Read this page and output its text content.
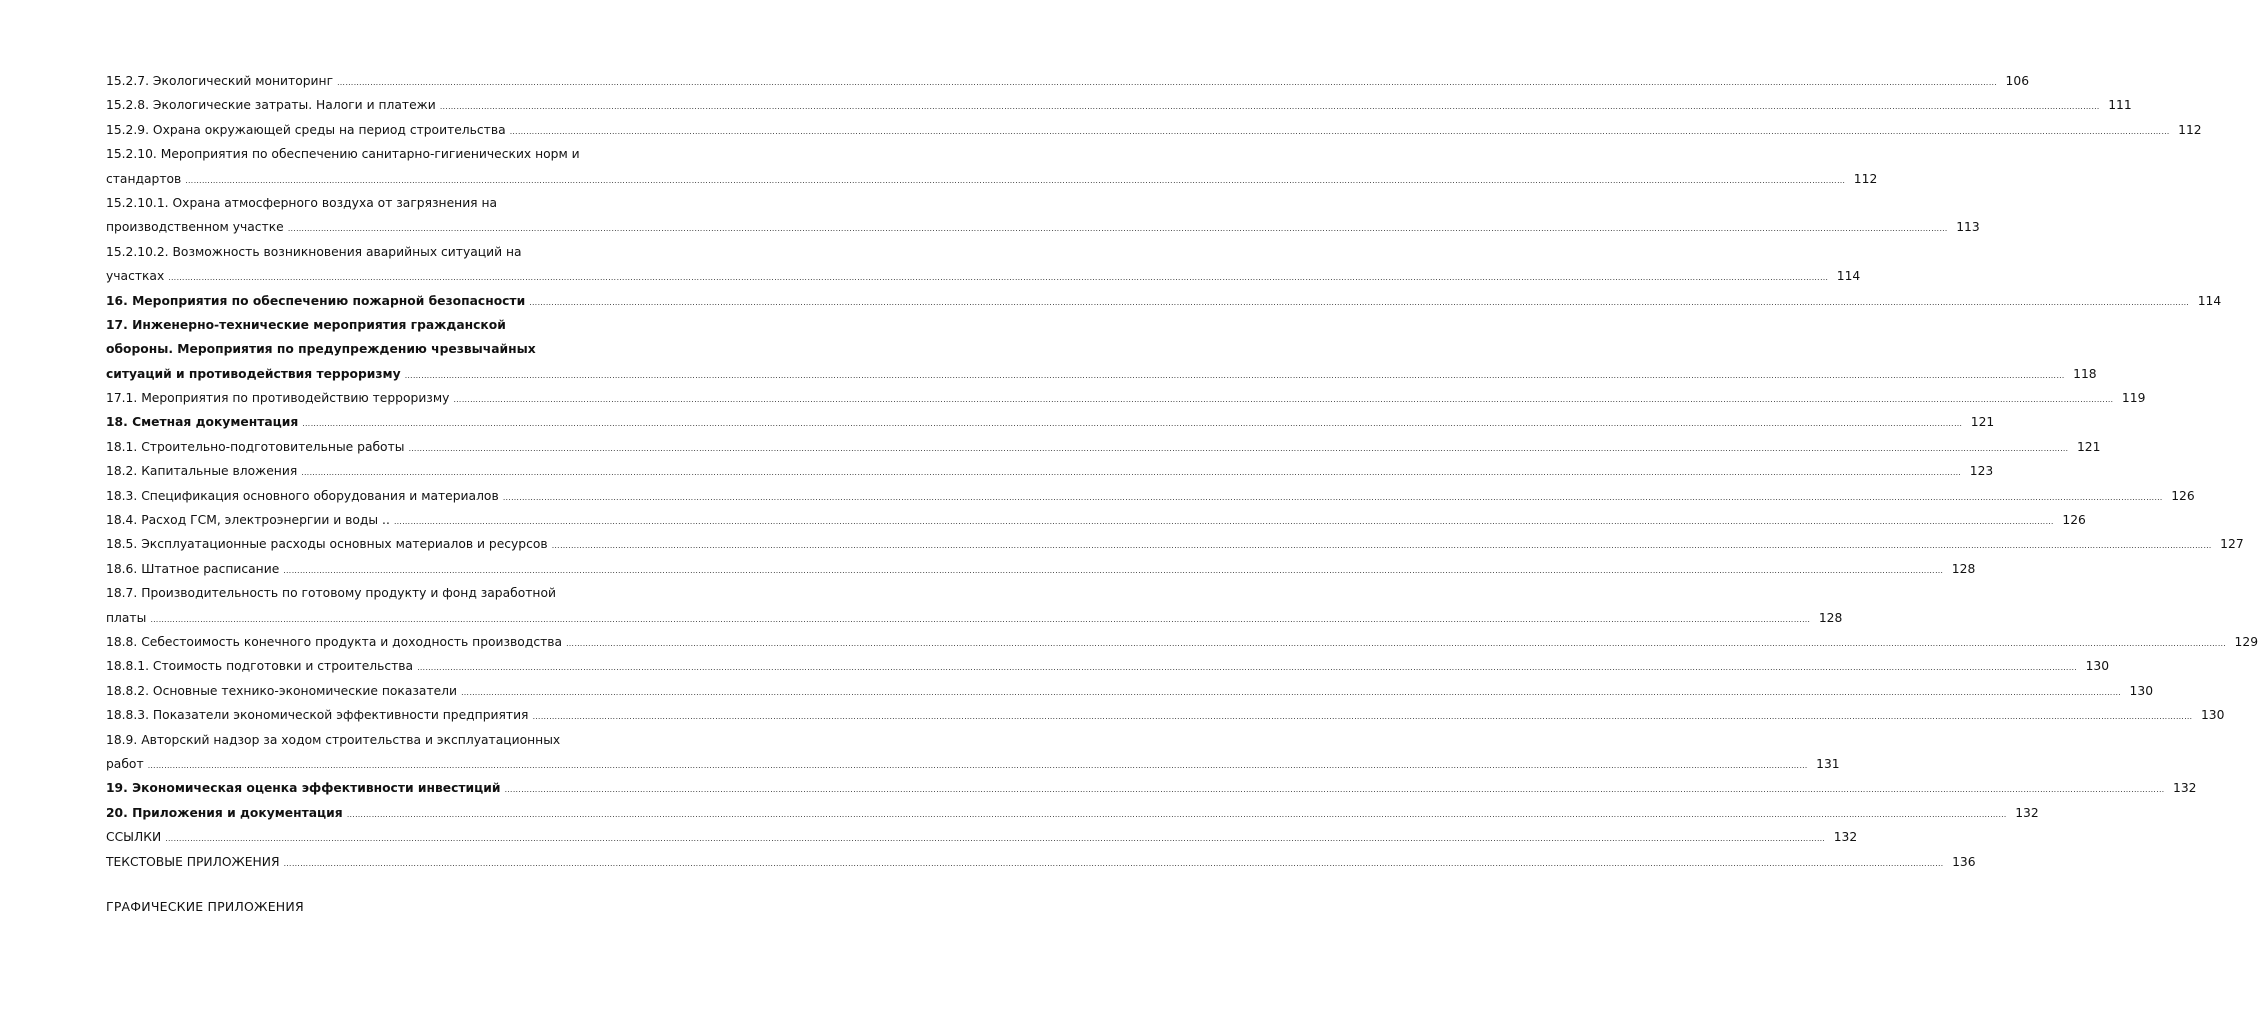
15.2.7. Экологический мониторинг …………………………………………………………………………………………………………………………………………………………………………………………………………………………………………………………………………………………………………………………………………………………………………………………………………………………………………………………………………………………………………………………………………………… 106
15.2.8. Экологические затраты. Налоги и платежи …………………………………………………………………………………………………………………………………………………………………………………………………………………………………………………………………………………………………………………………………………………………………………………………………………………………………………………………………………………………………………………………………………………… 111
15.2.9. Охрана окружающей среды на период строительства …………………………………………………………………………………………………………………………………………………………………………………………………………………………………………………………………………………………………………………………………………………………………………………………………………………………………………………………………………………………………………………………………………………… 112
15.2.10. Мероприятия по обеспечению санитарно-гигиенических норм и
стандартов …………………………………………………………………………………………………………………………………………………………………………………………………………………………………………………………………………………………………………………………………………………………………………………………………………………………………………………………………………………………………………………………………………………… 112
15.2.10.1. Охрана атмосферного воздуха от загрязнения на
производственном участке …………………………………………………………………………………………………………………………………………………………………………………………………………………………………………………………………………………………………………………………………………………………………………………………………………………………………………………………………………………………………………………………………………………… 113
15.2.10.2. Возможность возникновения аварийных ситуаций на
участках …………………………………………………………………………………………………………………………………………………………………………………………………………………………………………………………………………………………………………………………………………………………………………………………………………………………………………………………………………………………………………………………………………………… 114
16. Мероприятия по обеспечению пожарной безопасности …………………………………………………………………………………………………………………………………………………………………………………………………………………………………………………………………………………………………………………………………………………………………………………………………………………………………………………………………………………………………………………………………………………… 114
17. Инженерно-технические мероприятия гражданской
обороны. Мероприятия по предупреждению чрезвычайных
ситуаций и противодействия терроризму …………………………………………………………………………………………………………………………………………………………………………………………………………………………………………………………………………………………………………………………………………………………………………………………………………………………………………………………………………………………………………………………………………………… 118
17.1. Мероприятия по противодействию терроризму …………………………………………………………………………………………………………………………………………………………………………………………………………………………………………………………………………………………………………………………………………………………………………………………………………………………………………………………………………………………………………………………………………………… 119
18. Сметная документация …………………………………………………………………………………………………………………………………………………………………………………………………………………………………………………………………………………………………………………………………………………………………………………………………………………………………………………………………………………………………………………………………………………… 121
18.1. Строительно-подготовительные работы …………………………………………………………………………………………………………………………………………………………………………………………………………………………………………………………………………………………………………………………………………………………………………………………………………………………………………………………………………………………………………………………………………………… 121
18.2. Капитальные вложения …………………………………………………………………………………………………………………………………………………………………………………………………………………………………………………………………………………………………………………………………………………………………………………………………………………………………………………………………………………………………………………………………………………… 123
18.3. Спецификация основного оборудования и материалов …………………………………………………………………………………………………………………………………………………………………………………………………………………………………………………………………………………………………………………………………………………………………………………………………………………………………………………………………………………………………………………………………………………… 126
18.4. Расход ГСМ, электроэнергии и воды .. …………………………………………………………………………………………………………………………………………………………………………………………………………………………………………………………………………………………………………………………………………………………………………………………………………………………………………………………………………………………………………………………………………………… 126
18.5. Эксплуатационные расходы основных материалов и ресурсов …………………………………………………………………………………………………………………………………………………………………………………………………………………………………………………………………………………………………………………………………………………………………………………………………………………………………………………………………………………………………………………………………………………… 127
18.6. Штатное расписание …………………………………………………………………………………………………………………………………………………………………………………………………………………………………………………………………………………………………………………………………………………………………………………………………………………………………………………………………………………………………………………………………………………… 128
18.7. Производительность по готовому продукту и фонд заработной
платы …………………………………………………………………………………………………………………………………………………………………………………………………………………………………………………………………………………………………………………………………………………………………………………………………………………………………………………………………………………………………………………………………………………… 128
18.8. Себестоимость конечного продукта и доходность производства …………………………………………………………………………………………………………………………………………………………………………………………………………………………………………………………………………………………………………………………………………………………………………………………………………………………………………………………………………………………………………………………………………………… 129
18.8.1. Стоимость подготовки и строительства …………………………………………………………………………………………………………………………………………………………………………………………………………………………………………………………………………………………………………………………………………………………………………………………………………………………………………………………………………………………………………………………………………………… 130
18.8.2. Основные технико-экономические показатели …………………………………………………………………………………………………………………………………………………………………………………………………………………………………………………………………………………………………………………………………………………………………………………………………………………………………………………………………………………………………………………………………………………… 130
18.8.3. Показатели экономической эффективности предприятия …………………………………………………………………………………………………………………………………………………………………………………………………………………………………………………………………………………………………………………………………………………………………………………………………………………………………………………………………………………………………………………………………………………… 130
18.9. Авторский надзор за ходом строительства и эксплуатационных
работ …………………………………………………………………………………………………………………………………………………………………………………………………………………………………………………………………………………………………………………………………………………………………………………………………………………………………………………………………………………………………………………………………………………… 131
19. Экономическая оценка эффективности инвестиций …………………………………………………………………………………………………………………………………………………………………………………………………………………………………………………………………………………………………………………………………………………………………………………………………………………………………………………………………………………………………………………………………………………… 132
20. Приложения и документация …………………………………………………………………………………………………………………………………………………………………………………………………………………………………………………………………………………………………………………………………………………………………………………………………………………………………………………………………………………………………………………………………………………… 132
ССЫЛКИ …………………………………………………………………………………………………………………………………………………………………………………………………………………………………………………………………………………………………………………………………………………………………………………………………………………………………………………………………………………………………………………………………………………… 132
ТЕКСТОВЫЕ ПРИЛОЖЕНИЯ …………………………………………………………………………………………………………………………………………………………………………………………………………………………………………………………………………………………………………………………………………………………………………………………………………………………………………………………………………………………………………………………………………………… 136
ГРАФИЧЕСКИЕ ПРИЛОЖЕНИЯ
